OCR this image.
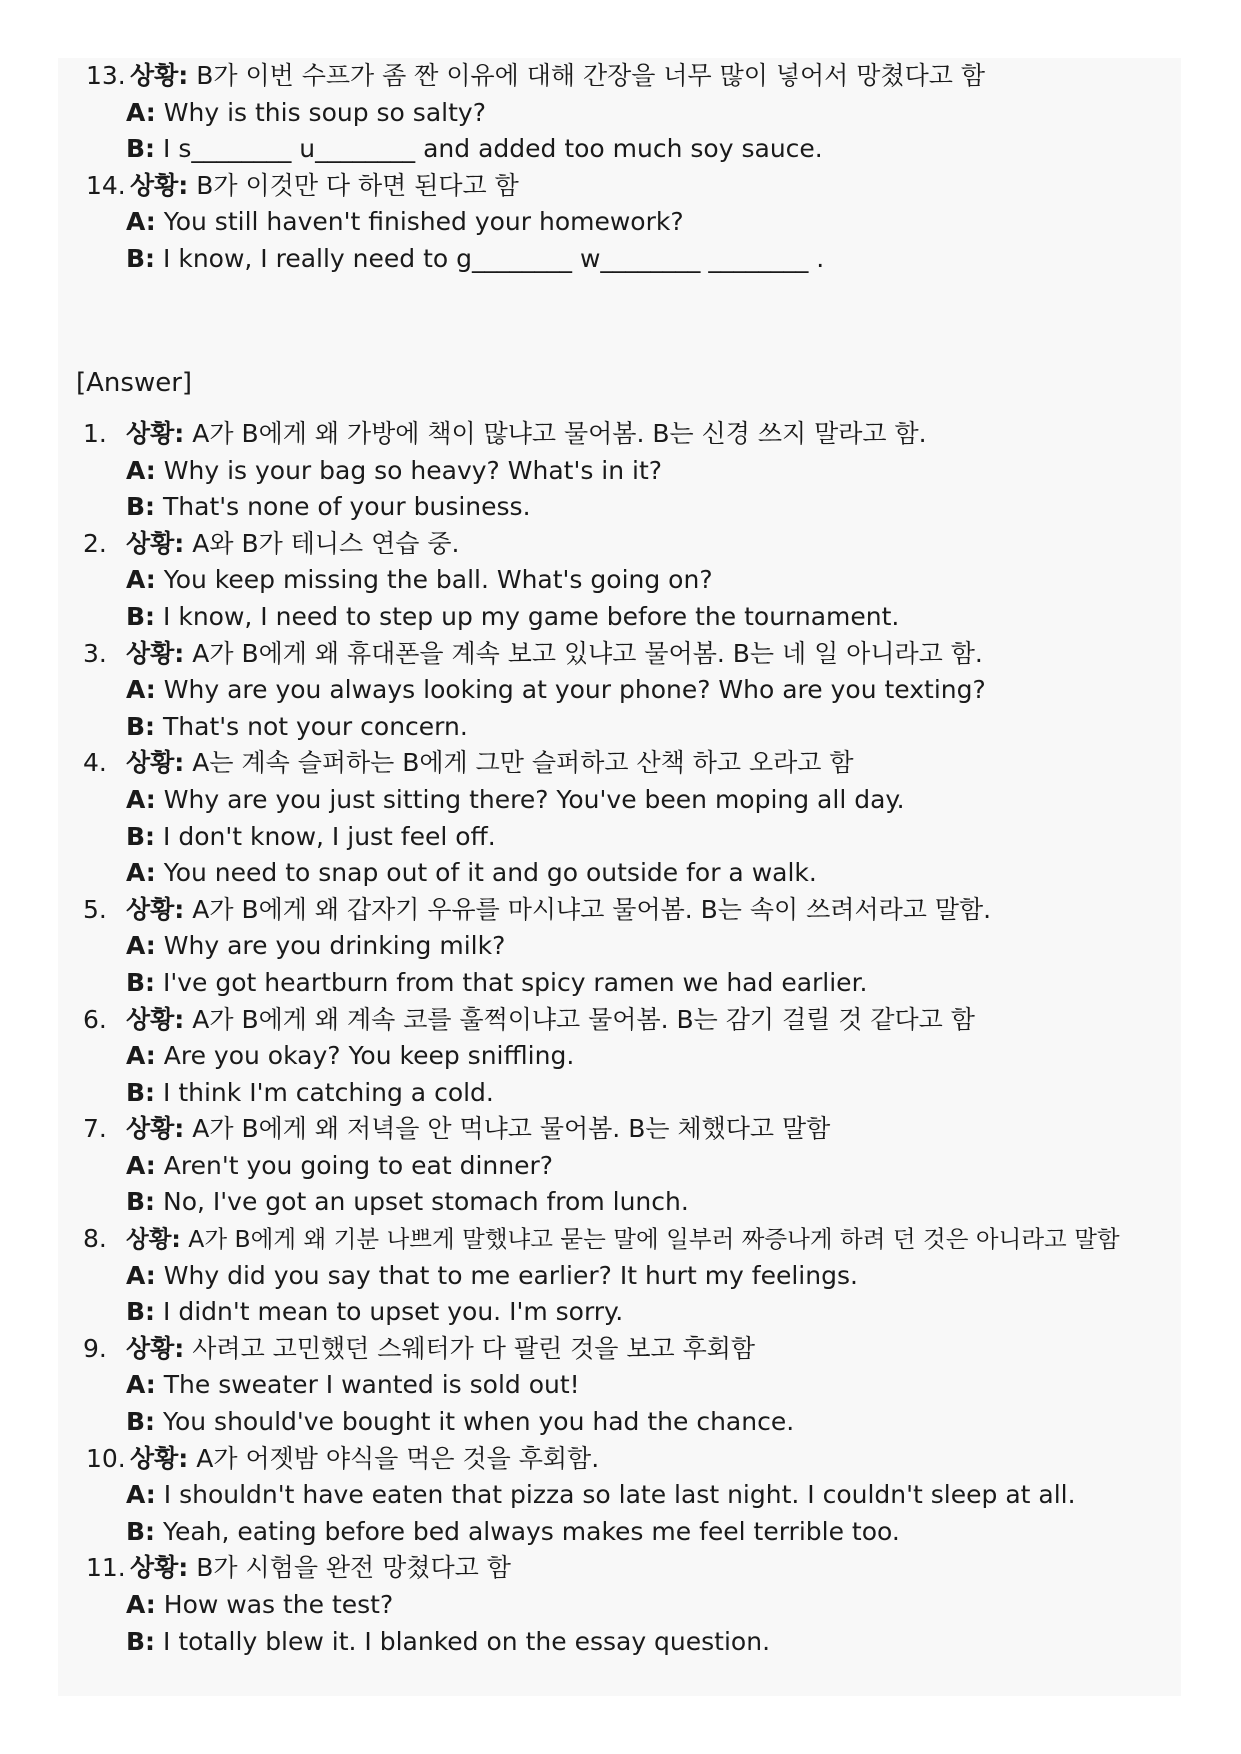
13. 상황: B가 이번 수프가 좀 짠 이유에 대해 간장을 너무 많이 넣어서 망쳤다고 함
A: Why is this soup so salty?
B: I s________ u________ and added too much soy sauce.
14. 상황: B가 이것만 다 하면 된다고 함
A: You still haven't finished your homework?
B: I know, I really need to g________ w________ ________ .
[Answer]
1. 상황: A가 B에게 왜 가방에 책이 많냐고 물어봄. B는 신경 쓰지 말라고 함.
A: Why is your bag so heavy? What's in it?
B: That's none of your business.
2. 상황: A와 B가 테니스 연습 중.
A: You keep missing the ball. What's going on?
B: I know, I need to step up my game before the tournament.
3. 상황: A가 B에게 왜 휴대폰을 계속 보고 있냐고 물어봄. B는 네 일 아니라고 함.
A: Why are you always looking at your phone? Who are you texting?
B: That's not your concern.
4. 상황: A는 계속 슬퍼하는 B에게 그만 슬퍼하고 산책 하고 오라고 함
A: Why are you just sitting there? You've been moping all day.
B: I don't know, I just feel off.
A: You need to snap out of it and go outside for a walk.
5. 상황: A가 B에게 왜 갑자기 우유를 마시냐고 물어봄. B는 속이 쓰려서라고 말함.
A: Why are you drinking milk?
B: I've got heartburn from that spicy ramen we had earlier.
6. 상황: A가 B에게 왜 계속 코를 훌쩍이냐고 물어봄. B는 감기 걸릴 것 같다고 함
A: Are you okay? You keep sniffling.
B: I think I'm catching a cold.
7. 상황: A가 B에게 왜 저녁을 안 먹냐고 물어봄. B는 체했다고 말함
A: Aren't you going to eat dinner?
B: No, I've got an upset stomach from lunch.
8. 상황: A가 B에게 왜 기분 나쁘게 말했냐고 묻는 말에 일부러 짜증나게 하려 던 것은 아니라고 말함
A: Why did you say that to me earlier? It hurt my feelings.
B: I didn't mean to upset you. I'm sorry.
9. 상황: 사려고 고민했던 스웨터가 다 팔린 것을 보고 후회함
A: The sweater I wanted is sold out!
B: You should've bought it when you had the chance.
10. 상황: A가 어젯밤 야식을 먹은 것을 후회함.
A: I shouldn't have eaten that pizza so late last night. I couldn't sleep at all.
B: Yeah, eating before bed always makes me feel terrible too.
11. 상황: B가 시험을 완전 망쳤다고 함
A: How was the test?
B: I totally blew it. I blanked on the essay question.
